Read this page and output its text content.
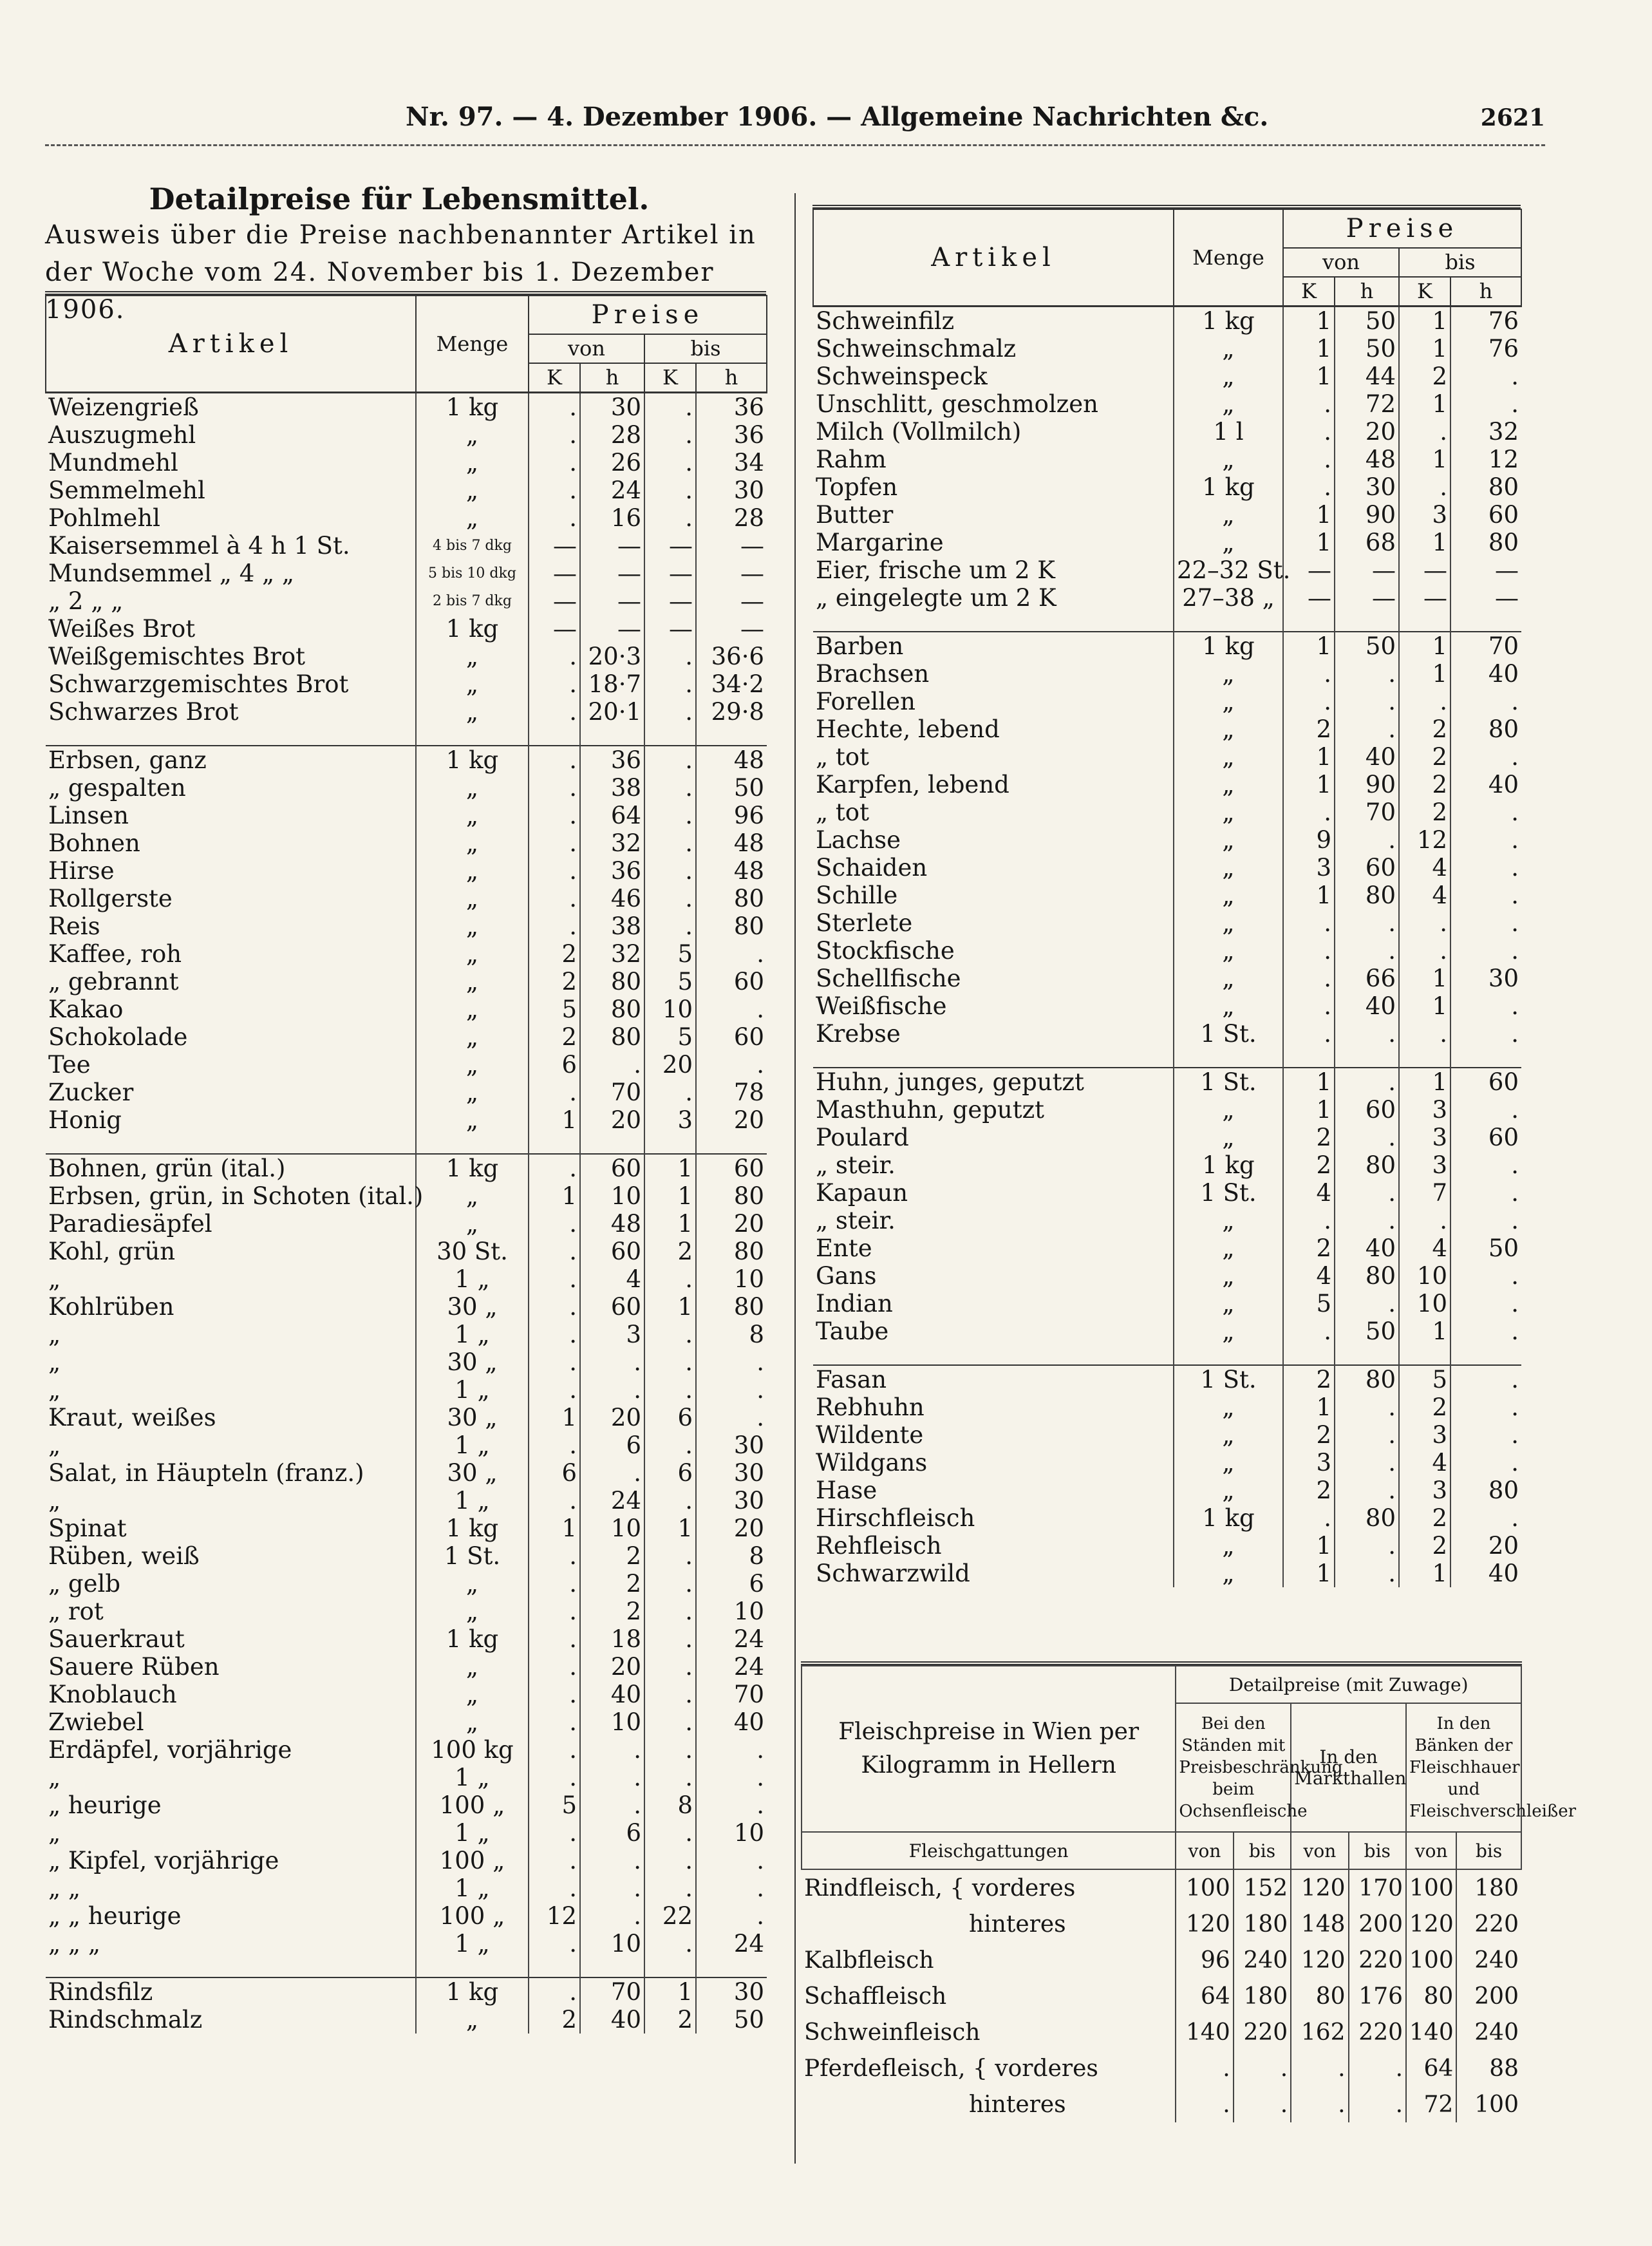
Nr. 97. — 4. Dezember 1906. — Allgemeine Nachrichten &c.	2621
Detailpreise für Lebensmittel.
Ausweis über die Preise nachbenannter Artikel in der Woche vom 24. November bis 1. Dezember 1906.
Artikel	Menge	Preise			
		von		bis	
		K	h	K	h
Weizengrieß	1 kg	.	30	.	36
Auszugmehl	„	.	28	.	36
Mundmehl	„	.	26	.	34
Semmelmehl	„	.	24	.	30
Pohlmehl	„	.	16	.	28
Kaisersemmel à 4 h 1 St.	4 bis 7 dkg	—	—	—	—
Mundsemmel „ 4 „ „	5 bis 10 dkg	—	—	—	—
„ 2 „ „	2 bis 7 dkg	—	—	—	—
Weißes Brot	1 kg	—	—	—	—
Weißgemischtes Brot	„	.	20·3	.	36·6
Schwarzgemischtes Brot	„	.	18·7	.	34·2
Schwarzes Brot	„	.	20·1	.	29·8

Erbsen, ganz	1 kg	.	36	.	48
„ gespalten	„	.	38	.	50
Linsen	„	.	64	.	96
Bohnen	„	.	32	.	48
Hirse	„	.	36	.	48
Rollgerste	„	.	46	.	80
Reis	„	.	38	.	80
Kaffee, roh	„	2	32	5	.
„ gebrannt	„	2	80	5	60
Kakao	„	5	80	10	.
Schokolade	„	2	80	5	60
Tee	„	6	.	20	.
Zucker	„	.	70	.	78
Honig	„	1	20	3	20

Bohnen, grün (ital.)	1 kg	.	60	1	60
Erbsen, grün, in Schoten (ital.)	„	1	10	1	80
Paradiesäpfel	„	.	48	1	20
Kohl, grün	30 St.	.	60	2	80
„	1 „	.	4	.	10
Kohlrüben	30 „	.	60	1	80
„	1 „	.	3	.	8
„	30 „	.	.	.	.
„	1 „	.	.	.	.
Kraut, weißes	30 „	1	20	6	.
„	1 „	.	6	.	30
Salat, in Häupteln (franz.)	30 „	6	.	6	30
„	1 „	.	24	.	30
Spinat	1 kg	1	10	1	20
Rüben, weiß	1 St.	.	2	.	8
„ gelb	„	.	2	.	6
„ rot	„	.	2	.	10
Sauerkraut	1 kg	.	18	.	24
Sauere Rüben	„	.	20	.	24
Knoblauch	„	.	40	.	70
Zwiebel	„	.	10	.	40
Erdäpfel, vorjährige	100 kg	.	.	.	.
„	1 „	.	.	.	.
„ heurige	100 „	5	.	8	.
„	1 „	.	6	.	10
„ Kipfel, vorjährige	100 „	.	.	.	.
„ „	1 „	.	.	.	.
„ „ heurige	100 „	12	.	22	.
„ „ „	1 „	.	10	.	24

Rindsfilz	1 kg	.	70	1	30
Rindschmalz	„	2	40	2	50
Artikel	Menge	Preise			
		von		bis	
		K	h	K	h
Schweinfilz	1 kg	1	50	1	76
Schweinschmalz	„	1	50	1	76
Schweinspeck	„	1	44	2	.
Unschlitt, geschmolzen	„	.	72	1	.
Milch (Vollmilch)	1 l	.	20	.	32
Rahm	„	.	48	1	12
Topfen	1 kg	.	30	.	80
Butter	„	1	90	3	60
Margarine	„	1	68	1	80
Eier, frische um 2 K	22–32 St.	—	—	—	—
„ eingelegte um 2 K	27–38 „	—	—	—	—

Barben	1 kg	1	50	1	70
Brachsen	„	.	.	1	40
Forellen	„	.	.	.	.
Hechte, lebend	„	2	.	2	80
„ tot	„	1	40	2	.
Karpfen, lebend	„	1	90	2	40
„ tot	„	.	70	2	.
Lachse	„	9	.	12	.
Schaiden	„	3	60	4	.
Schille	„	1	80	4	.
Sterlete	„	.	.	.	.
Stockfische	„	.	.	.	.
Schellfische	„	.	66	1	30
Weißfische	„	.	40	1	.
Krebse	1 St.	.	.	.	.

Huhn, junges, geputzt	1 St.	1	.	1	60
Masthuhn, geputzt	„	1	60	3	.
Poulard	„	2	.	3	60
„ steir.	1 kg	2	80	3	.
Kapaun	1 St.	4	.	7	.
„ steir.	„	.	.	.	.
Ente	„	2	40	4	50
Gans	„	4	80	10	.
Indian	„	5	.	10	.
Taube	„	.	50	1	.

Fasan	1 St.	2	80	5	.
Rebhuhn	„	1	.	2	.
Wildente	„	2	.	3	.
Wildgans	„	3	.	4	.
Hase	„	2	.	3	80
Hirschfleisch	1 kg	.	80	2	.
Rehfleisch	„	1	.	2	20
Schwarzwild	„	1	.	1	40
Fleischpreise in Wien per Kilogramm in Hellern	Detailpreise (mit Zuwage)					
	Bei den Ständen mit Preisbeschränkung beim Ochsenfleische		In den Markthallen		In den Bänken der Fleischhauer und Fleischverschleißer	
Fleischgattungen	von	bis	von	bis	von	bis
Rindfleisch, { vorderes	100	152	120	170	100	180
hinteres	120	180	148	200	120	220
Kalbfleisch	96	240	120	220	100	240
Schaffleisch	64	180	80	176	80	200
Schweinfleisch	140	220	162	220	140	240
Pferdefleisch, { vorderes	.	.	.	.	64	88
hinteres	.	.	.	.	72	100
